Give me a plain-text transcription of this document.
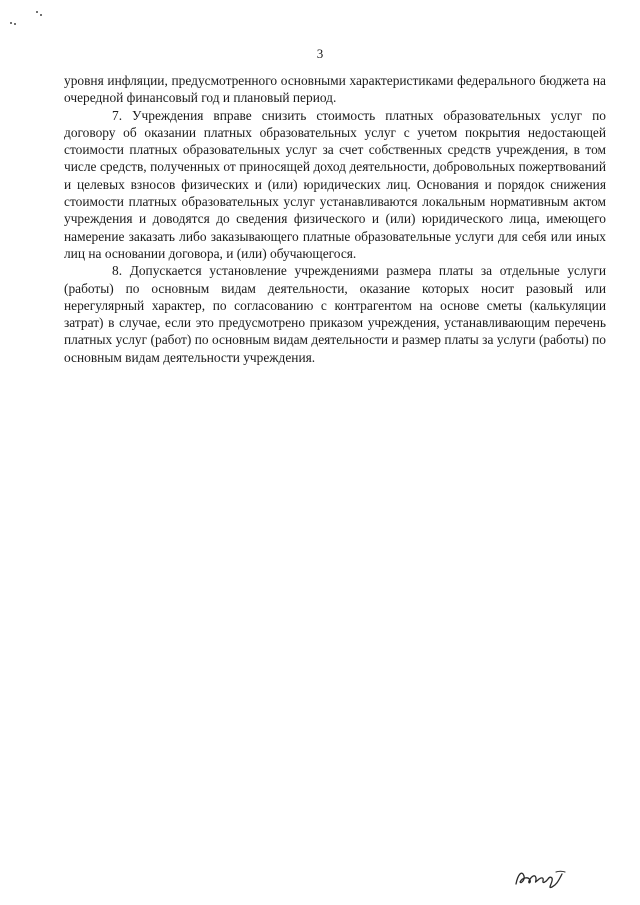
3

уровня инфляции, предусмотренного основными характеристиками федерального бюджета на очередной финансовый год и плановый период.

7. Учреждения вправе снизить стоимость платных образовательных услуг по договору об оказании платных образовательных услуг с учетом покрытия недостающей стоимости платных образовательных услуг за счет собственных средств учреждения, в том числе средств, полученных от приносящей доход деятельности, добровольных пожертвований и целевых взносов физических и (или) юридических лиц. Основания и порядок снижения стоимости платных образовательных услуг устанавливаются локальным нормативным актом учреждения и доводятся до сведения физического и (или) юридического лица, имеющего намерение заказать либо заказывающего платные образовательные услуги для себя или иных лиц на основании договора, и (или) обучающегося.

8. Допускается установление учреждениями размера платы за отдельные услуги (работы) по основным видам деятельности, оказание которых носит разовый или нерегулярный характер, по согласованию с контрагентом на основе сметы (калькуляции затрат) в случае, если это предусмотрено приказом учреждения, устанавливающим перечень платных услуг (работ) по основным видам деятельности и размер платы за услуги (работы) по основным видам деятельности учреждения.
